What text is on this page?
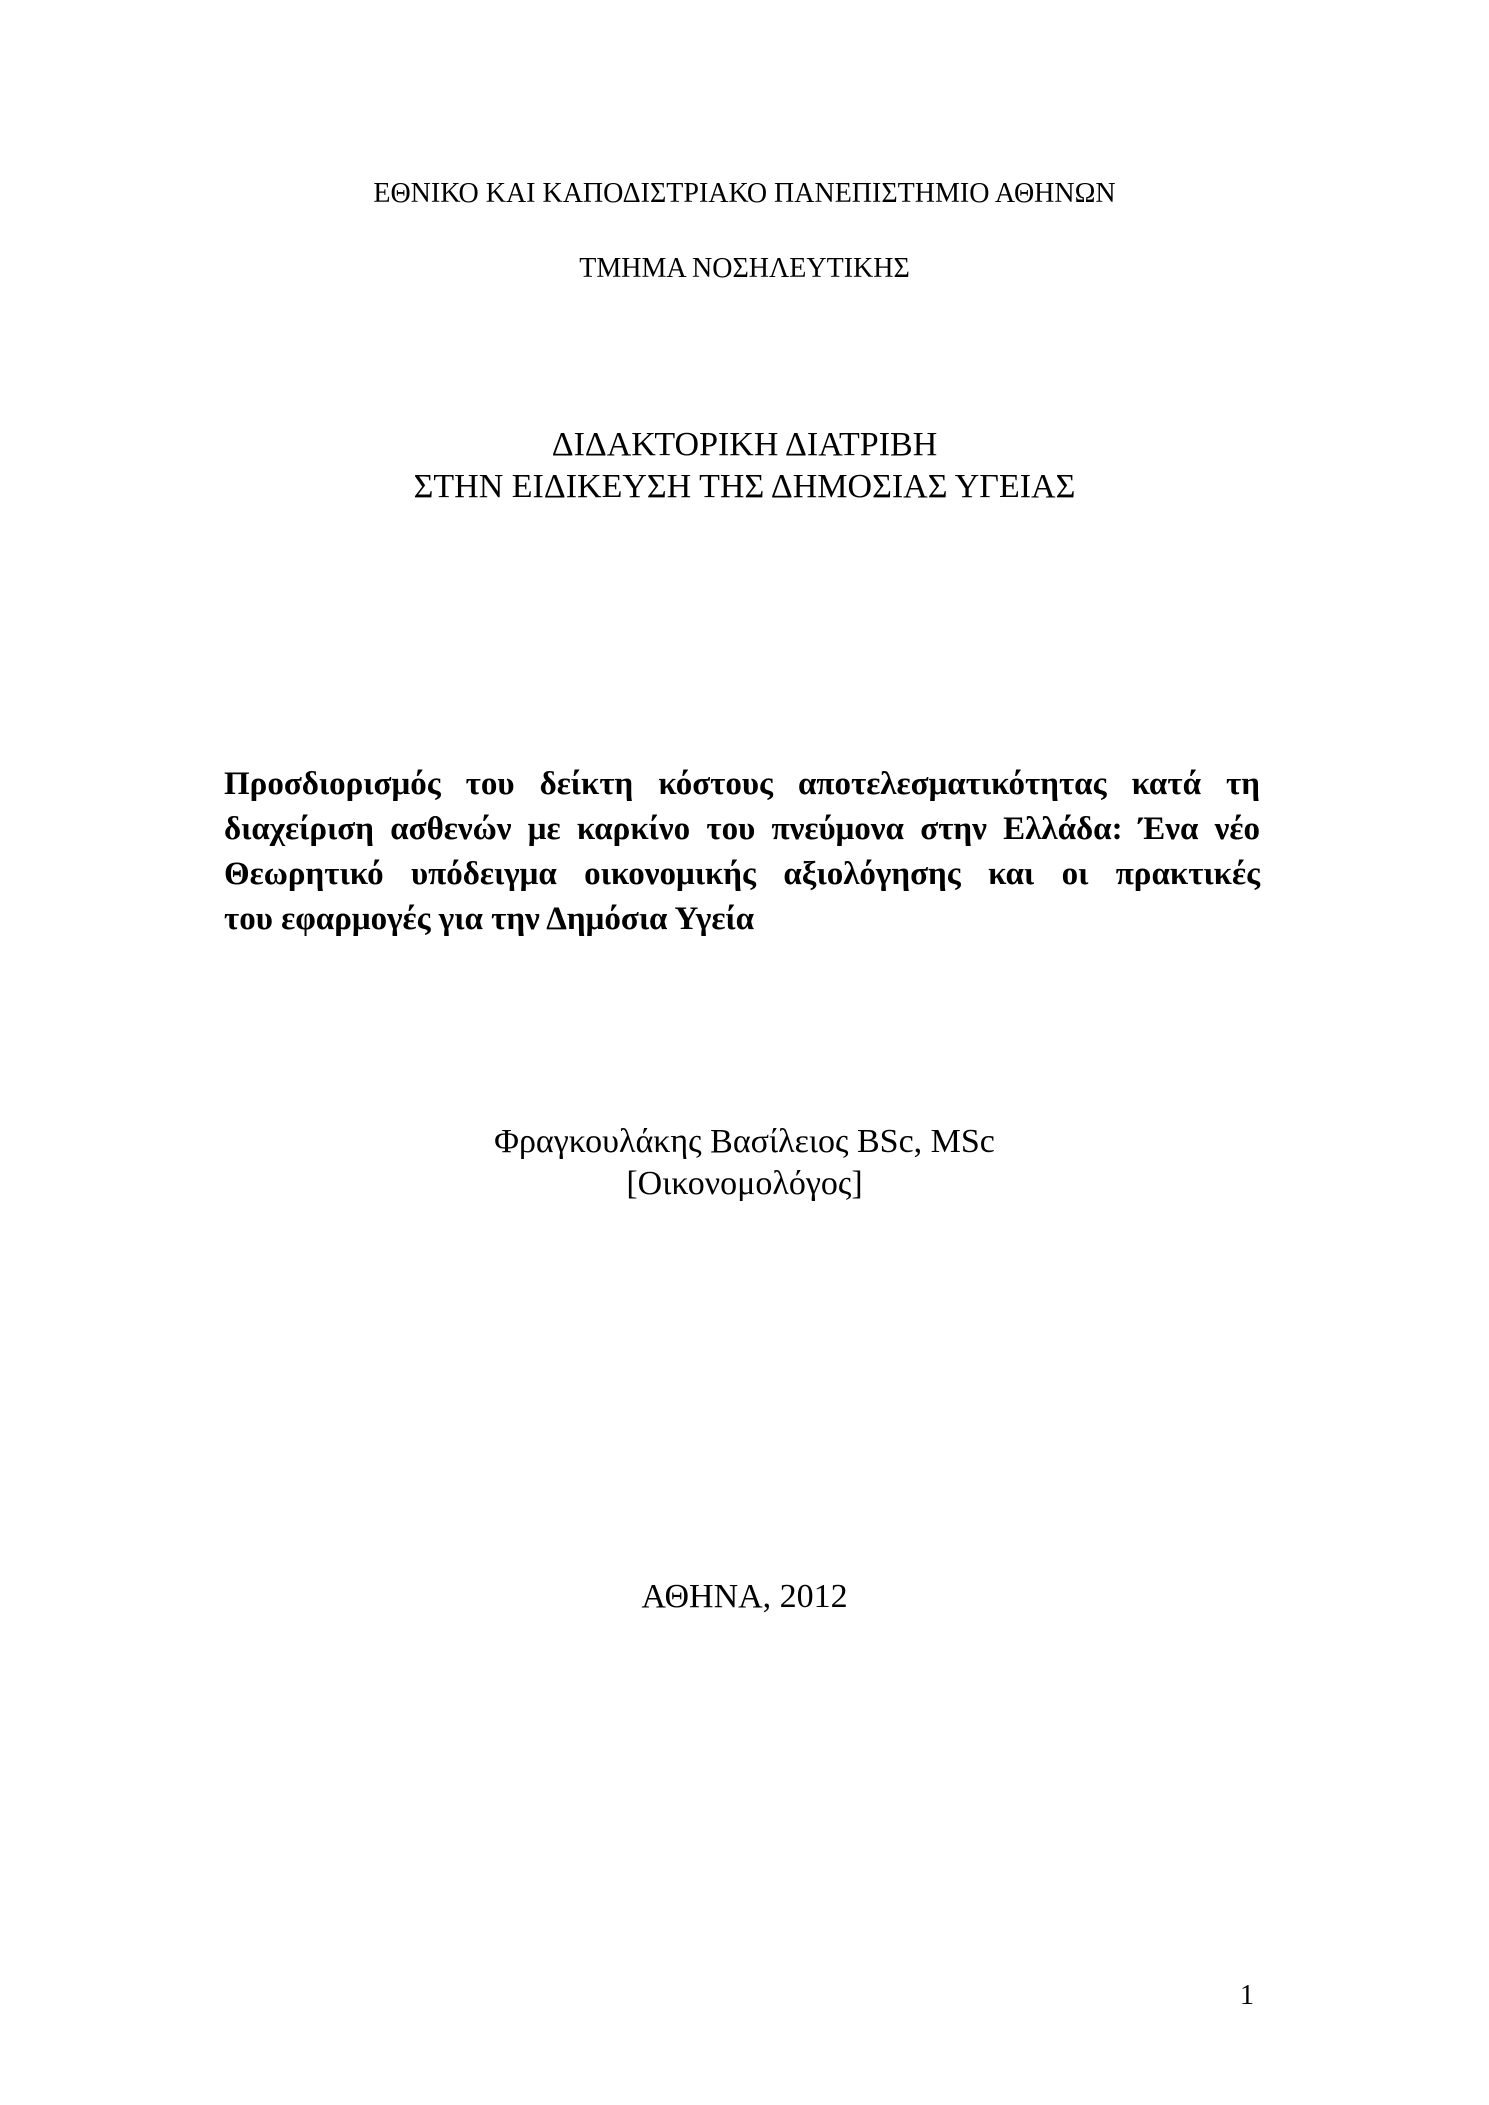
ΕΘΝΙΚΟ ΚΑΙ ΚΑΠΟΔΙΣΤΡΙΑΚΟ ΠΑΝΕΠΙΣΤΗΜΙΟ ΑΘΗΝΩΝ
ΤΜΗΜΑ ΝΟΣΗΛΕΥΤΙΚΗΣ
ΔΙΔΑΚΤΟΡΙΚΗ ΔΙΑΤΡΙΒΗ
ΣΤΗΝ ΕΙΔΙΚΕΥΣΗ ΤΗΣ ΔΗΜΟΣΙΑΣ ΥΓΕΙΑΣ
Προσδιορισμός του δείκτη κόστους αποτελεσματικότητας κατά τη
διαχείριση ασθενών με καρκίνο του πνεύμονα στην Ελλάδα: Ένα νέο
Θεωρητικό υπόδειγμα οικονομικής αξιολόγησης και οι πρακτικές
του εφαρμογές για την Δημόσια Υγεία
Φραγκουλάκης Βασίλειος BSc, MSc
[Οικονομολόγος]
ΑΘΗΝΑ, 2012
1
